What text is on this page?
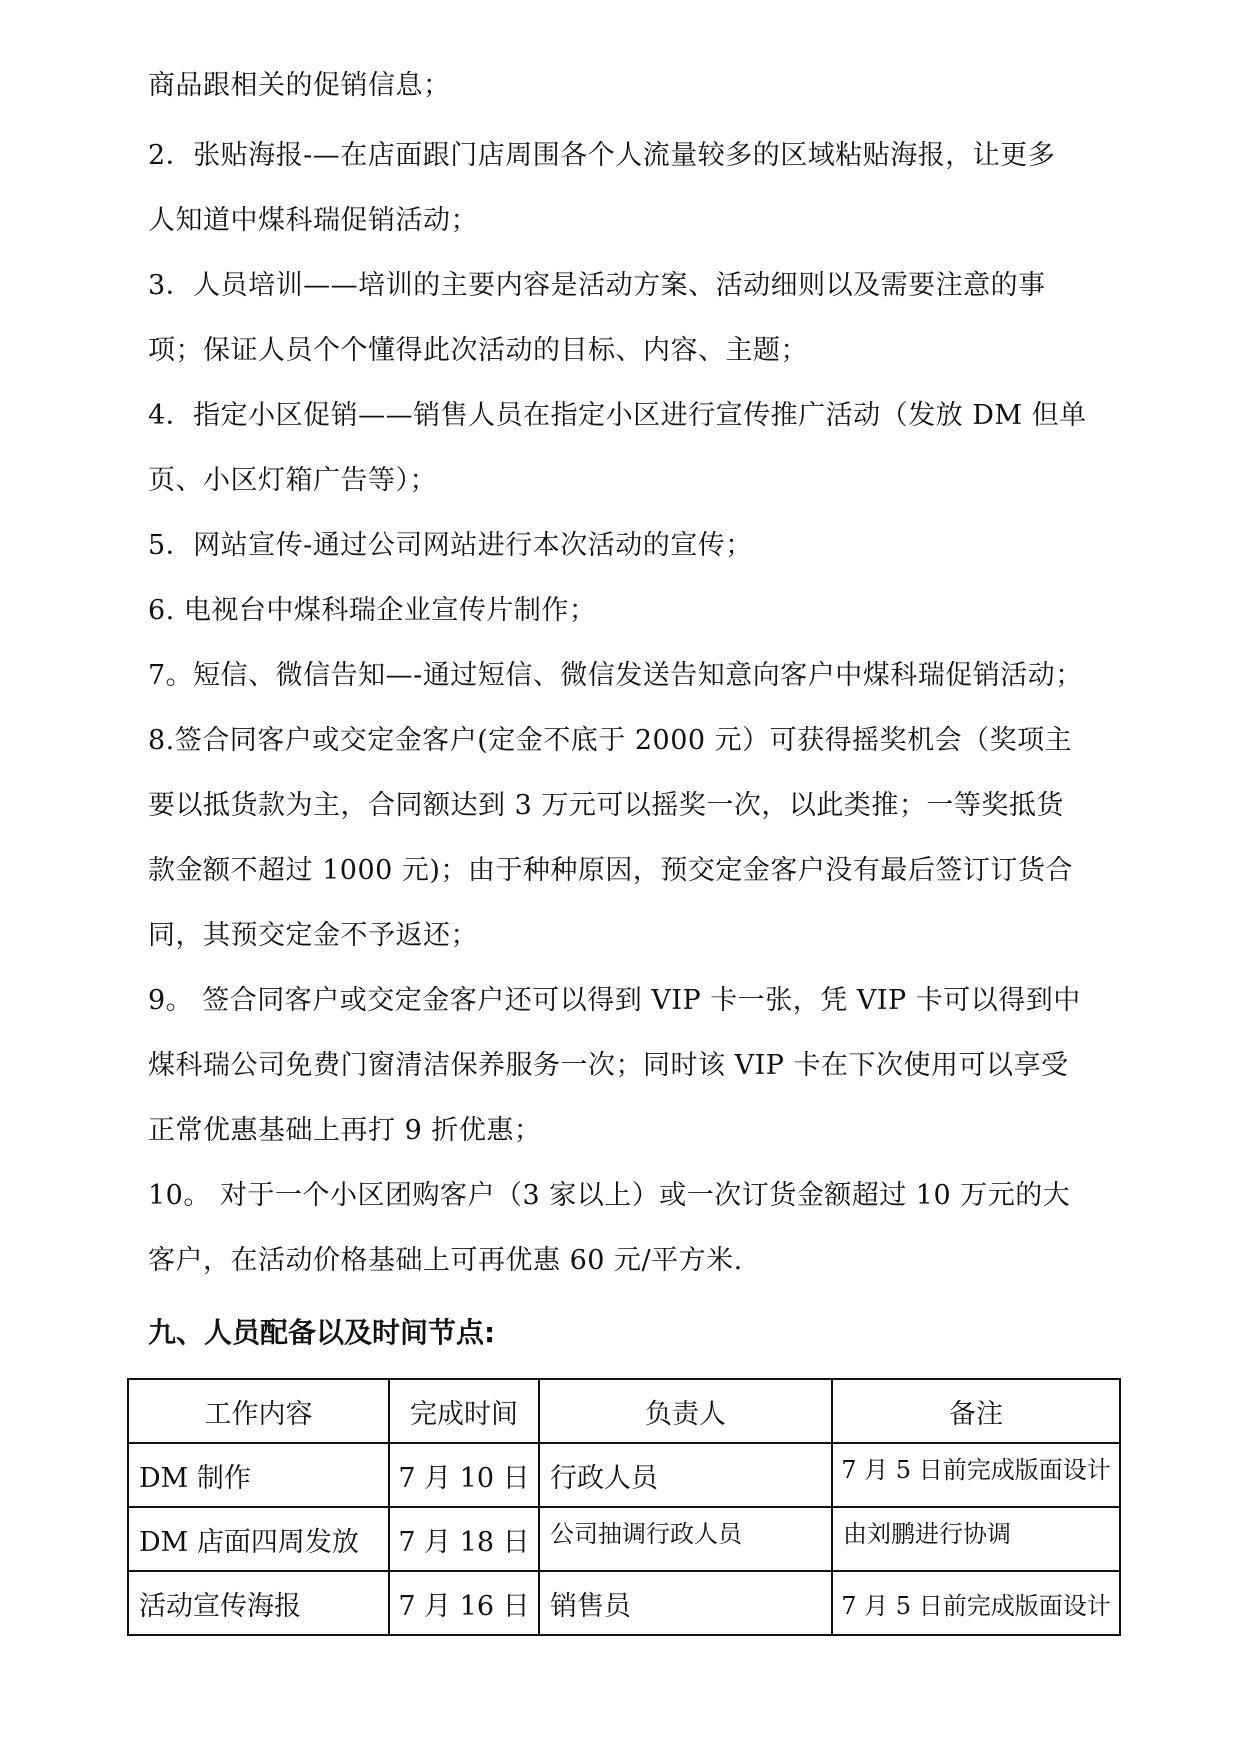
商品跟相关的促销信息；
2．张贴海报-—在店面跟门店周围各个人流量较多的区域粘贴海报，让更多
人知道中煤科瑞促销活动；
3．人员培训——培训的主要内容是活动方案、活动细则以及需要注意的事
项；保证人员个个懂得此次活动的目标、内容、主题；
4．指定小区促销——销售人员在指定小区进行宣传推广活动（发放 DM 但单
页、小区灯箱广告等）；
5．网站宣传-通过公司网站进行本次活动的宣传；
6. 电视台中煤科瑞企业宣传片制作；
7。短信、微信告知—-通过短信、微信发送告知意向客户中煤科瑞促销活动；
8.签合同客户或交定金客户(定金不底于 2000 元）可获得摇奖机会（奖项主
要以抵货款为主，合同额达到 3 万元可以摇奖一次，以此类推；一等奖抵货
款金额不超过 1000 元)；由于种种原因，预交定金客户没有最后签订订货合
同，其预交定金不予返还；
9。 签合同客户或交定金客户还可以得到 VIP 卡一张，凭 VIP 卡可以得到中
煤科瑞公司免费门窗清洁保养服务一次；同时该 VIP 卡在下次使用可以享受
正常优惠基础上再打 9 折优惠；
10。 对于一个小区团购客户（3 家以上）或一次订货金额超过 10 万元的大
客户，在活动价格基础上可再优惠 60 元/平方米.
九、人员配备以及时间节点:
工作内容	完成时间	负责人	备注
DM 制作	7 月 10 日	行政人员	7 月 5 日前完成版面设计
DM 店面四周发放	7 月 18 日	公司抽调行政人员	由刘鹏进行协调
活动宣传海报	7 月 16 日	销售员	7 月 5 日前完成版面设计
